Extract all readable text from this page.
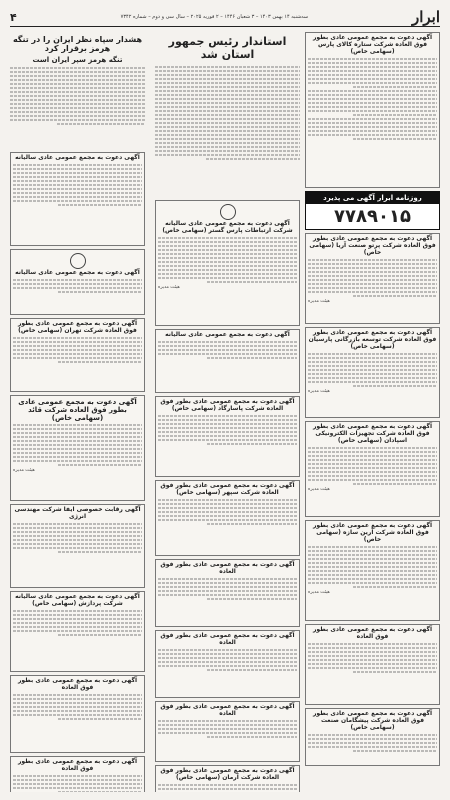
ابرار
سه‌شنبه ۱۴ بهمن ۱۴۰۳ – ۳ شعبان ۱۴۴۶ – ۲ فوریه ۲۰۲۵ – سال سی و دوم – شماره ۷۳۴۲
۴
آگهی دعوت به مجمع عمومی عادی بطور فوق العاده شرکت ستاره کالای پارس (سهامی خاص)
روزنامه ابرار آگهی می پذیرد
۷۷۸۹۰۱۵
آگهی دعوت به مجمع عمومی عادی بطور فوق العاده شرکت پرتو صنعت آریا (سهامی خاص)
هیئت مدیره
آگهی دعوت به مجمع عمومی عادی بطور فوق العاده شرکت توسعه بازرگانی پارسیان (سهامی خاص)
هیئت مدیره
آگهی دعوت به مجمع عمومی عادی بطور فوق العاده شرکت تجهیزات الکترونیکی اسپادان (سهامی خاص)
هیئت مدیره
آگهی دعوت به مجمع عمومی عادی بطور فوق العاده شرکت آرین سازه (سهامی خاص)
هیئت مدیره
آگهی دعوت به مجمع عمومی عادی بطور فوق العاده
آگهی دعوت به مجمع عمومی عادی بطور فوق العاده شرکت پیشگامان صنعت (سهامی خاص)
استاندار رئیس جمهور استان شد
آگهی دعوت به مجمع عمومی عادی سالیانه شرکت ارتباطات پارس گستر (سهامی خاص)
هیئت مدیره
آگهی دعوت به مجمع عمومی عادی سالیانه
آگهی دعوت به مجمع عمومی عادی بطور فوق العاده شرکت پاسارگاد (سهامی خاص)
آگهی دعوت به مجمع عمومی عادی بطور فوق العاده شرکت سپهر (سهامی خاص)
آگهی دعوت به مجمع عمومی عادی بطور فوق العاده
آگهی دعوت به مجمع عمومی عادی بطور فوق العاده
آگهی دعوت به مجمع عمومی عادی بطور فوق العاده
آگهی دعوت به مجمع عمومی عادی بطور فوق العاده شرکت آرمان (سهامی خاص)
هشدار سپاه نظر ایران را در تنگه هرمز برقرار کرد
تنگه هرمز سپر ایران است
آگهی دعوت به مجمع عمومی عادی سالیانه
آگهی دعوت به مجمع عمومی عادی سالیانه
آگهی دعوت به مجمع عمومی عادی بطور فوق العاده شرکت تهران (سهامی خاص)
آگهی دعوت به مجمع عمومی عادی بطور فوق العاده شرکت قائد (سهامی خاص)
هیئت مدیره
آگهی رقابت خصوصی ایفا شرکت مهندسی انرژی
آگهی دعوت به مجمع عمومی عادی سالیانه شرکت پردازش (سهامی خاص)
آگهی دعوت به مجمع عمومی عادی بطور فوق العاده
آگهی دعوت به مجمع عمومی عادی بطور فوق العاده
